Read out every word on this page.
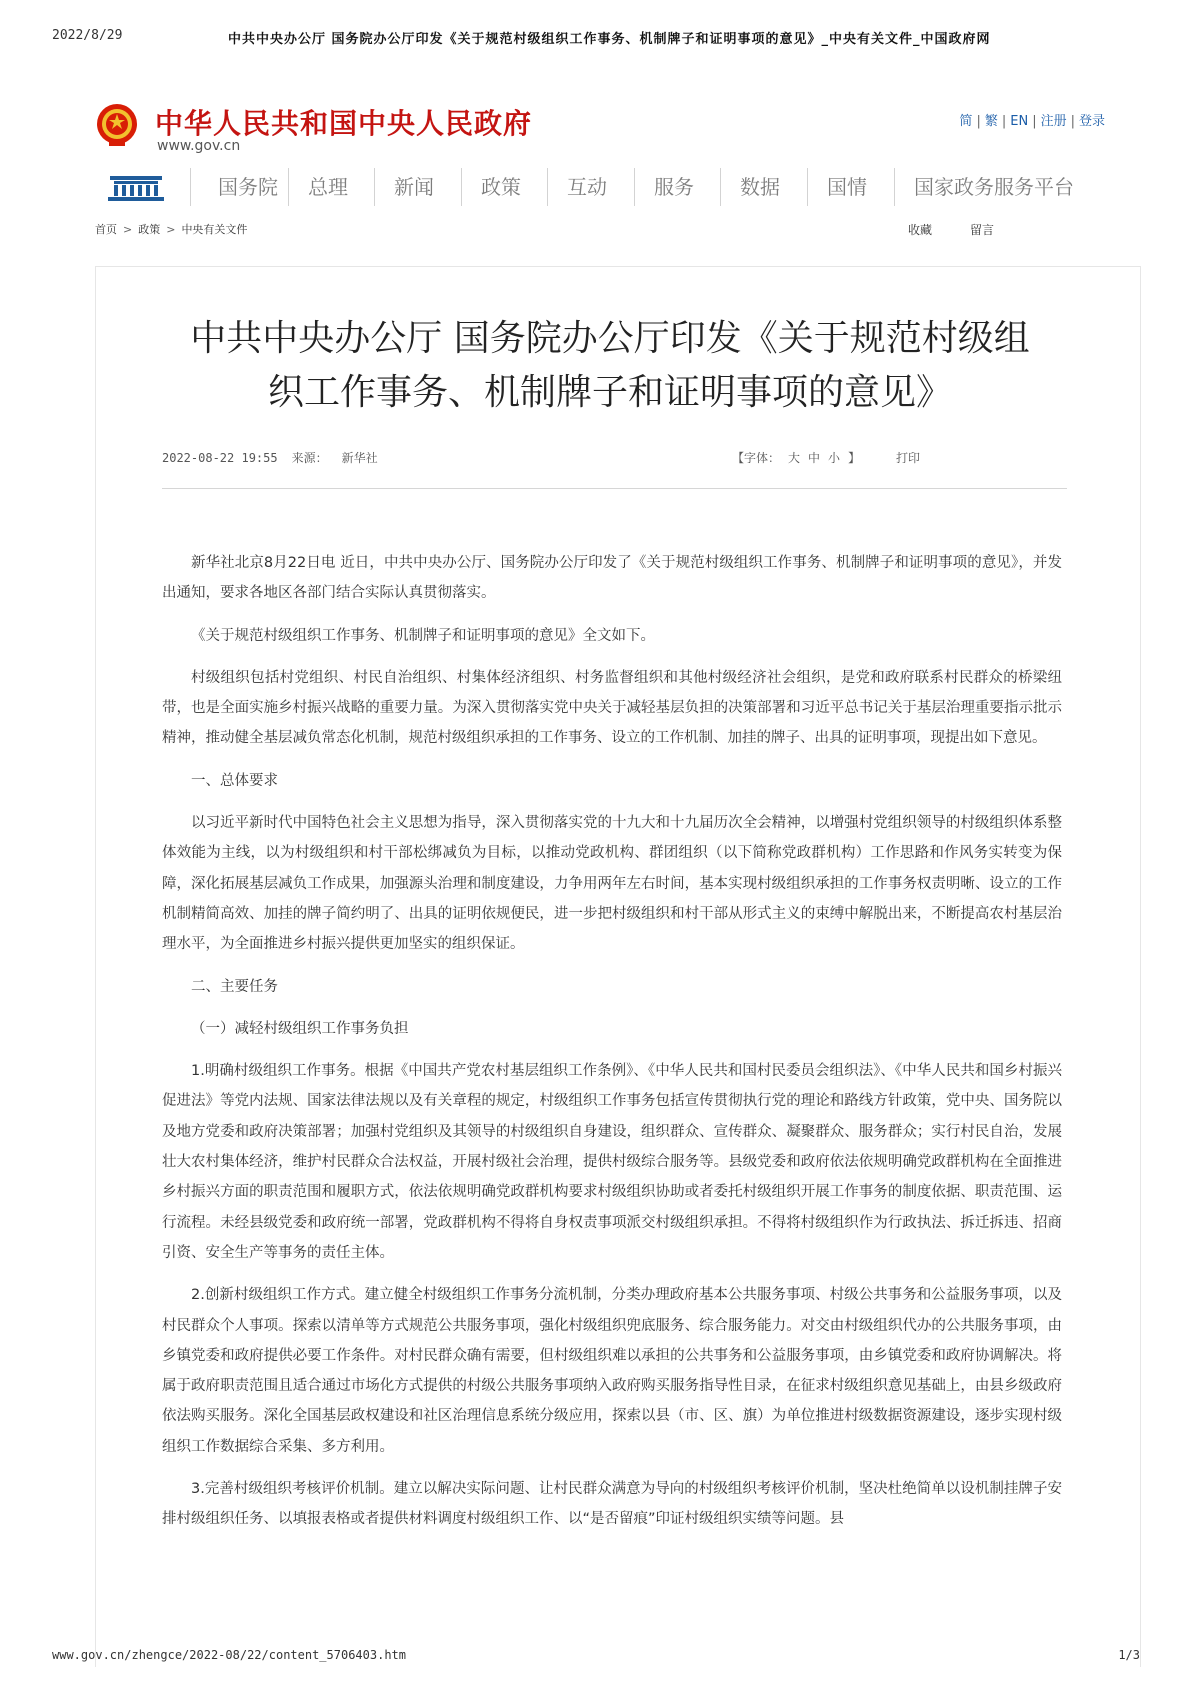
2022/8/29	中共中央办公厅 国务院办公厅印发《关于规范村级组织工作事务、机制牌子和证明事项的意见》_中央有关文件_中国政府网
中华人民共和国中央人民政府
www.gov.cn
简 | 繁 | EN | 注册 | 登录
国务院 总理 新闻 政策 互动 服务 数据 国情 国家政务服务平台
首页 > 政策 > 中央有关文件	收藏	留言
中共中央办公厅 国务院办公厅印发《关于规范村级组
织工作事务、机制牌子和证明事项的意见》
2022-08-22 19:55 来源： 新华社	【字体： 大 中 小 】	打印

新华社北京8月22日电 近日，中共中央办公厅、国务院办公厅印发了《关于规范村级组织工作事务、机制牌子和证明事项的意见》，并发出通知，要求各地区各部门结合实际认真贯彻落实。

《关于规范村级组织工作事务、机制牌子和证明事项的意见》全文如下。

村级组织包括村党组织、村民自治组织、村集体经济组织、村务监督组织和其他村级经济社会组织，是党和政府联系村民群众的桥梁纽带，也是全面实施乡村振兴战略的重要力量。为深入贯彻落实党中央关于减轻基层负担的决策部署和习近平总书记关于基层治理重要指示批示精神，推动健全基层减负常态化机制，规范村级组织承担的工作事务、设立的工作机制、加挂的牌子、出具的证明事项，现提出如下意见。

一、总体要求

以习近平新时代中国特色社会主义思想为指导，深入贯彻落实党的十九大和十九届历次全会精神，以增强村党组织领导的村级组织体系整体效能为主线，以为村级组织和村干部松绑减负为目标，以推动党政机构、群团组织（以下简称党政群机构）工作思路和作风务实转变为保障，深化拓展基层减负工作成果，加强源头治理和制度建设，力争用两年左右时间，基本实现村级组织承担的工作事务权责明晰、设立的工作机制精简高效、加挂的牌子简约明了、出具的证明依规便民，进一步把村级组织和村干部从形式主义的束缚中解脱出来，不断提高农村基层治理水平，为全面推进乡村振兴提供更加坚实的组织保证。

二、主要任务

（一）减轻村级组织工作事务负担

1.明确村级组织工作事务。根据《中国共产党农村基层组织工作条例》、《中华人民共和国村民委员会组织法》、《中华人民共和国乡村振兴促进法》等党内法规、国家法律法规以及有关章程的规定，村级组织工作事务包括宣传贯彻执行党的理论和路线方针政策，党中央、国务院以及地方党委和政府决策部署；加强村党组织及其领导的村级组织自身建设，组织群众、宣传群众、凝聚群众、服务群众；实行村民自治，发展壮大农村集体经济，维护村民群众合法权益，开展村级社会治理，提供村级综合服务等。县级党委和政府依法依规明确党政群机构在全面推进乡村振兴方面的职责范围和履职方式，依法依规明确党政群机构要求村级组织协助或者委托村级组织开展工作事务的制度依据、职责范围、运行流程。未经县级党委和政府统一部署，党政群机构不得将自身权责事项派交村级组织承担。不得将村级组织作为行政执法、拆迁拆违、招商引资、安全生产等事务的责任主体。

2.创新村级组织工作方式。建立健全村级组织工作事务分流机制，分类办理政府基本公共服务事项、村级公共事务和公益服务事项，以及村民群众个人事项。探索以清单等方式规范公共服务事项，强化村级组织兜底服务、综合服务能力。对交由村级组织代办的公共服务事项，由乡镇党委和政府提供必要工作条件。对村民群众确有需要，但村级组织难以承担的公共事务和公益服务事项，由乡镇党委和政府协调解决。将属于政府职责范围且适合通过市场化方式提供的村级公共服务事项纳入政府购买服务指导性目录，在征求村级组织意见基础上，由县乡级政府依法购买服务。深化全国基层政权建设和社区治理信息系统分级应用，探索以县（市、区、旗）为单位推进村级数据资源建设，逐步实现村级组织工作数据综合采集、多方利用。

3.完善村级组织考核评价机制。建立以解决实际问题、让村民群众满意为导向的村级组织考核评价机制，坚决杜绝简单以设机制挂牌子安排村级组织任务、以填报表格或者提供材料调度村级组织工作、以“是否留痕”印证村级组织实绩等问题。县

www.gov.cn/zhengce/2022-08/22/content_5706403.htm	1/3
